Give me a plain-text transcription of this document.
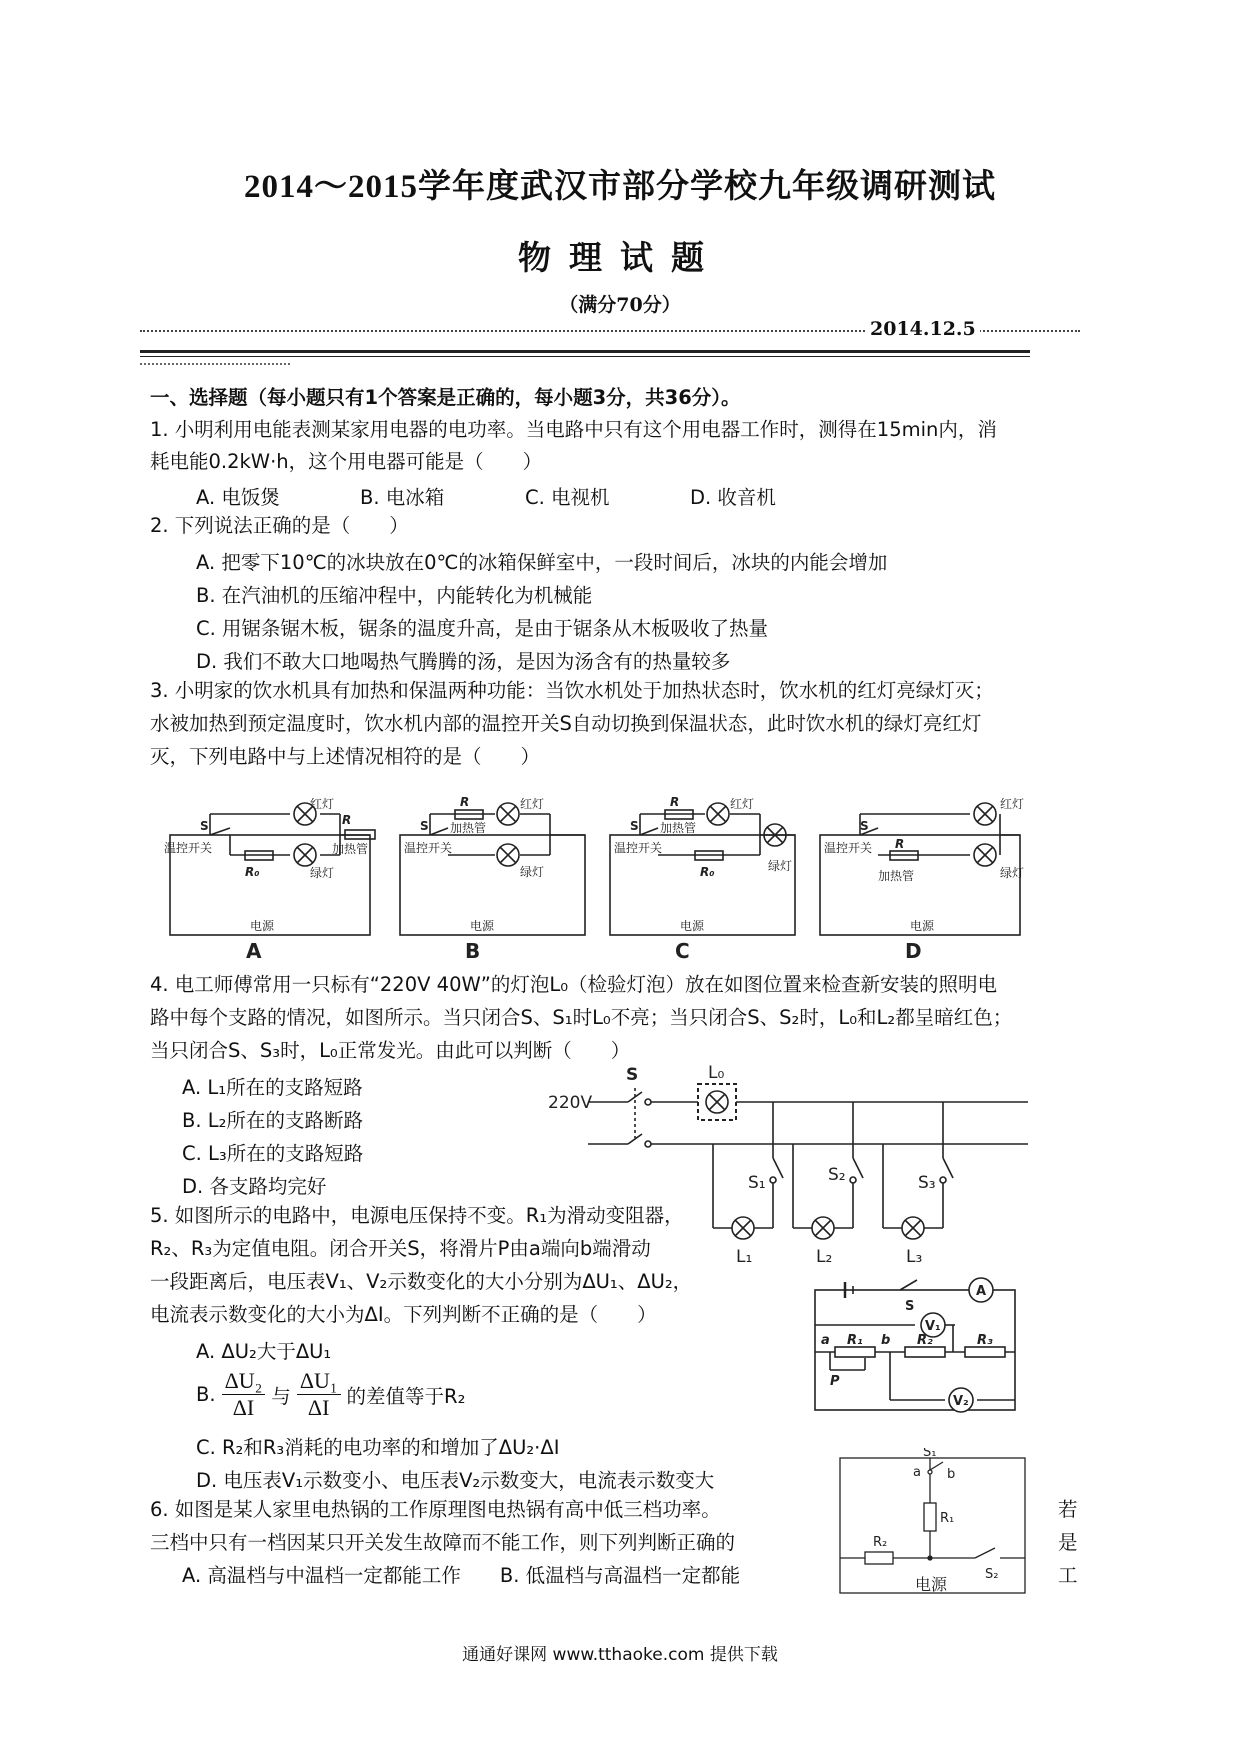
2014～2015学年度武汉市部分学校九年级调研测试
物理试题
（满分70分）
2014.12.5
一、选择题（每小题只有1个答案是正确的，每小题3分，共36分）。
1. 小明利用电能表测某家用电器的电功率。当电路中只有这个用电器工作时，测得在15min内，消
耗电能0.2kW·h，这个用电器可能是（　　）
A. 电饭煲	B. 电冰箱	C. 电视机	D. 收音机
2. 下列说法正确的是（　　）
A. 把零下10℃的冰块放在0℃的冰箱保鲜室中，一段时间后，冰块的内能会增加
B. 在汽油机的压缩冲程中，内能转化为机械能
C. 用锯条锯木板，锯条的温度升高，是由于锯条从木板吸收了热量
D. 我们不敢大口地喝热气腾腾的汤，是因为汤含有的热量较多
3. 小明家的饮水机具有加热和保温两种功能：当饮水机处于加热状态时，饮水机的红灯亮绿灯灭；
水被加热到预定温度时，饮水机内部的温控开关S自动切换到保温状态，此时饮水机的绿灯亮红灯
灭，下列电路中与上述情况相符的是（　　）
红灯
R
S
温控开关	加热管
R₀	绿灯
电源
A
R
加热管
红灯
S
温控开关
绿灯
电源
B
R
加热管
红灯
S
温控开关
R₀	绿灯
电源
C
红灯
S
温控开关 R
加热管	绿灯
电源
D
4. 电工师傅常用一只标有“220V 40W”的灯泡L₀（检验灯泡）放在如图位置来检查新安装的照明电
路中每个支路的情况，如图所示。当只闭合S、S₁时L₀不亮；当只闭合S、S₂时，L₀和L₂都呈暗红色；
当只闭合S、S₃时，L₀正常发光。由此可以判断（　　）
A. L₁所在的支路短路
B. L₂所在的支路断路
C. L₃所在的支路短路
D. 各支路均完好
220V
S	L₀
S₁	S₂	S₃
L₁	L₂	L₃
5. 如图所示的电路中，电源电压保持不变。R₁为滑动变阻器，
R₂、R₃为定值电阻。闭合开关S，将滑片P由a端向b端滑动
一段距离后，电压表V₁、V₂示数变化的大小分别为ΔU₁、ΔU₂，
电流表示数变化的大小为ΔI。下列判断不正确的是（　　）
A. ΔU₂大于ΔU₁
B. $\frac{\text{ΔU₂}}{\Delta I}$ 与 $\frac{\text{ΔU₁}}{\Delta I}$ 的差值等于R₂
C. R₂和R₃消耗的电功率的和增加了ΔU₂·ΔI
D. 电压表V₁示数变小、电压表V₂示数变大，电流表示数变大
S
A
V₁
V₂
R₁	R₂	R₃
a	b
P
6. 如图是某人家里电热锅的工作原理图电热锅有高中低三档功率。	若
三档中只有一档因某只开关发生故障而不能工作，则下列判断正确的	是
A. 高温档与中温档一定都能工作　　B. 低温档与高温档一定都能	工
S₁
a b
R₁
R₂
S₂
电源
通通好课网 www.tthaoke.com 提供下载
